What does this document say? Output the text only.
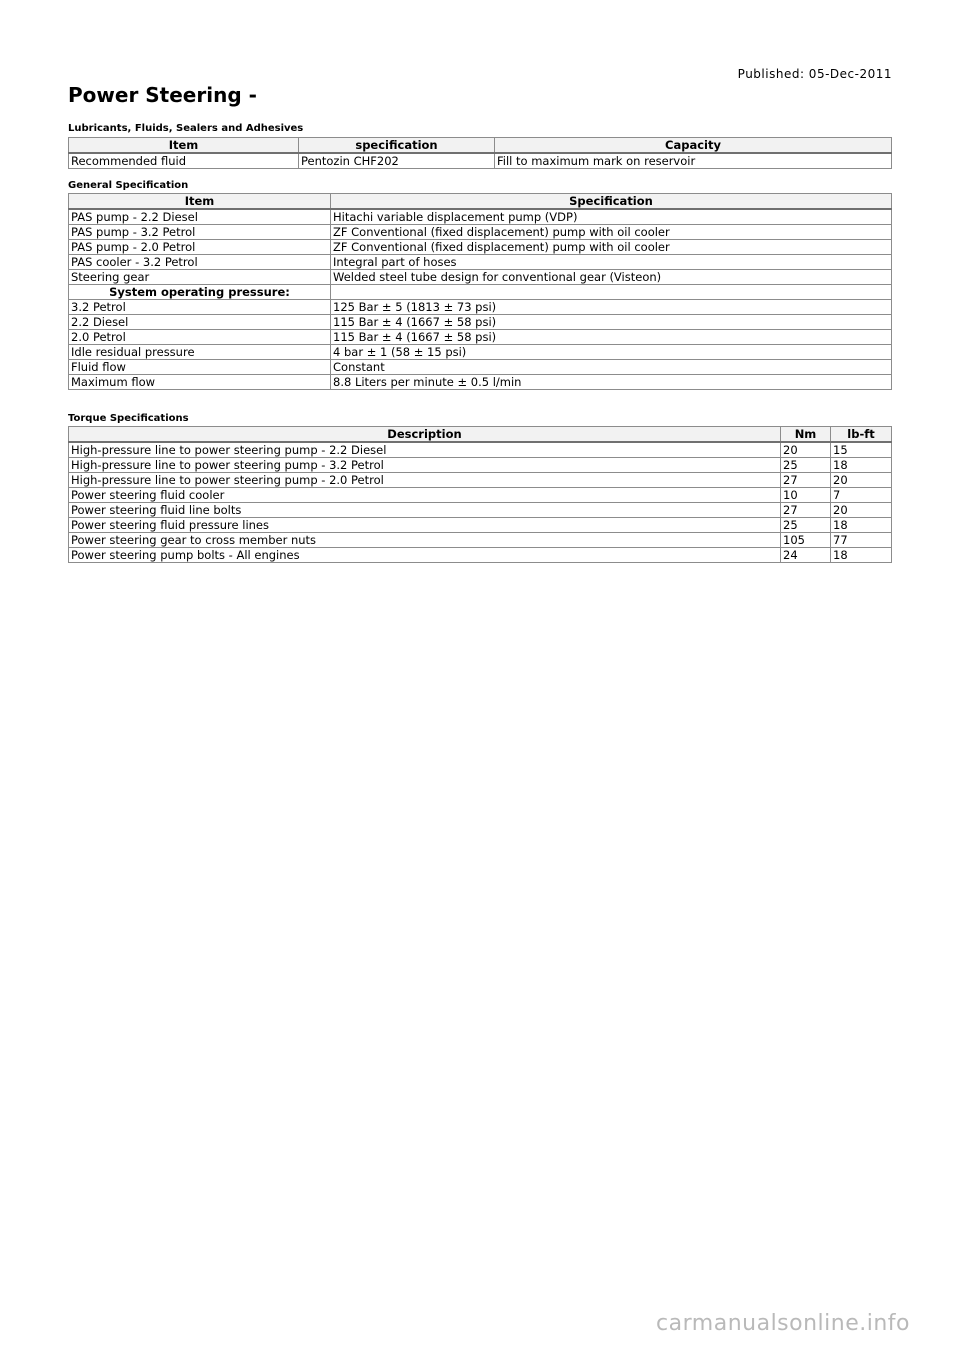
Published: 05-Dec-2011
Power Steering -
Lubricants, Fluids, Sealers and Adhesives
Item	specification	Capacity
Recommended fluid	Pentozin CHF202	Fill to maximum mark on reservoir
General Specification
Item	Specification
PAS pump - 2.2 Diesel	Hitachi variable displacement pump (VDP)
PAS pump - 3.2 Petrol	ZF Conventional (fixed displacement) pump with oil cooler
PAS pump - 2.0 Petrol	ZF Conventional (fixed displacement) pump with oil cooler
PAS cooler - 3.2 Petrol	Integral part of hoses
Steering gear	Welded steel tube design for conventional gear (Visteon)
System operating pressure:	
3.2 Petrol	125 Bar ± 5 (1813 ± 73 psi)
2.2 Diesel	115 Bar ± 4 (1667 ± 58 psi)
2.0 Petrol	115 Bar ± 4 (1667 ± 58 psi)
Idle residual pressure	4 bar ± 1 (58 ± 15 psi)
Fluid flow	Constant
Maximum flow	8.8 Liters per minute ± 0.5 l/min
Torque Specifications
Description	Nm	lb-ft
High-pressure line to power steering pump - 2.2 Diesel	20	15
High-pressure line to power steering pump - 3.2 Petrol	25	18
High-pressure line to power steering pump - 2.0 Petrol	27	20
Power steering fluid cooler	10	7
Power steering fluid line bolts	27	20
Power steering fluid pressure lines	25	18
Power steering gear to cross member nuts	105	77
Power steering pump bolts - All engines	24	18
carmanualsonline.info
